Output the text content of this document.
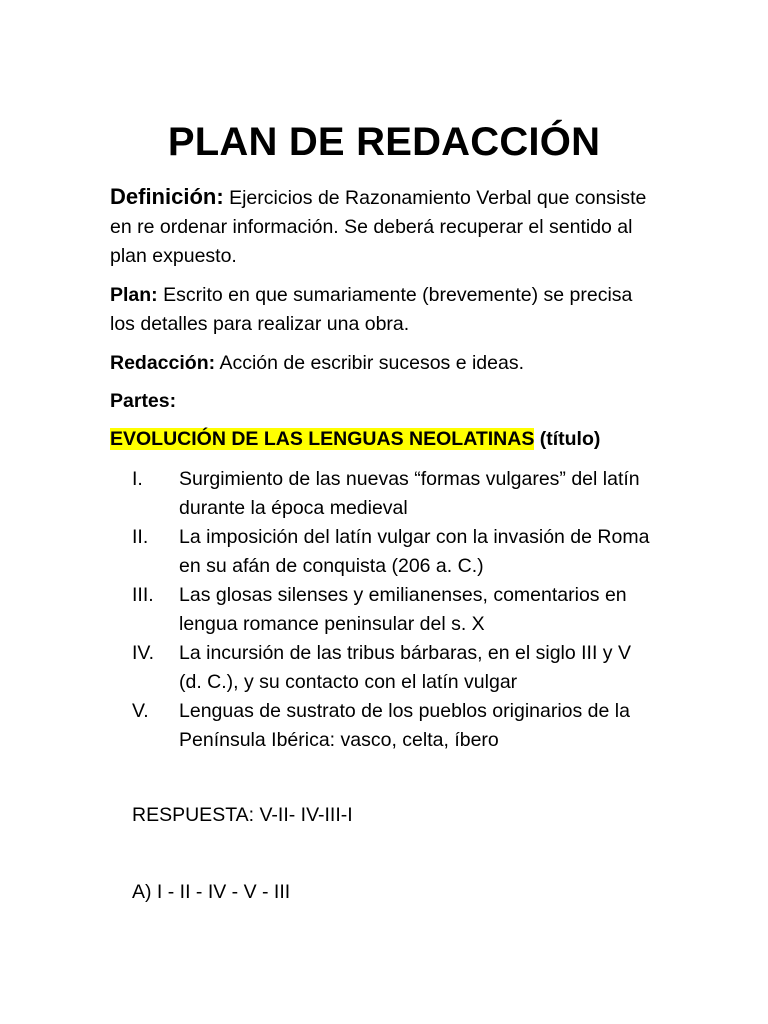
PLAN DE REDACCIÓN

Definición: Ejercicios de Razonamiento Verbal que consiste en re ordenar información. Se deberá recuperar el sentido al plan expuesto.

Plan: Escrito en que sumariamente (brevemente) se precisa los detalles para realizar una obra.

Redacción: Acción de escribir sucesos e ideas.

Partes:

EVOLUCIÓN DE LAS LENGUAS NEOLATINAS (título)

I.	Surgimiento de las nuevas “formas vulgares” del latín durante la época medieval
II.	La imposición del latín vulgar con la invasión de Roma en su afán de conquista (206 a. C.)
III.	Las glosas silenses y emilianenses, comentarios en lengua romance peninsular del s. X
IV.	La incursión de las tribus bárbaras, en el siglo III y V (d. C.), y su contacto con el latín vulgar
V.	Lenguas de sustrato de los pueblos originarios de la Península Ibérica: vasco, celta, íbero

RESPUESTA: V-II- IV-III-I

A) I - II - IV - V - III
